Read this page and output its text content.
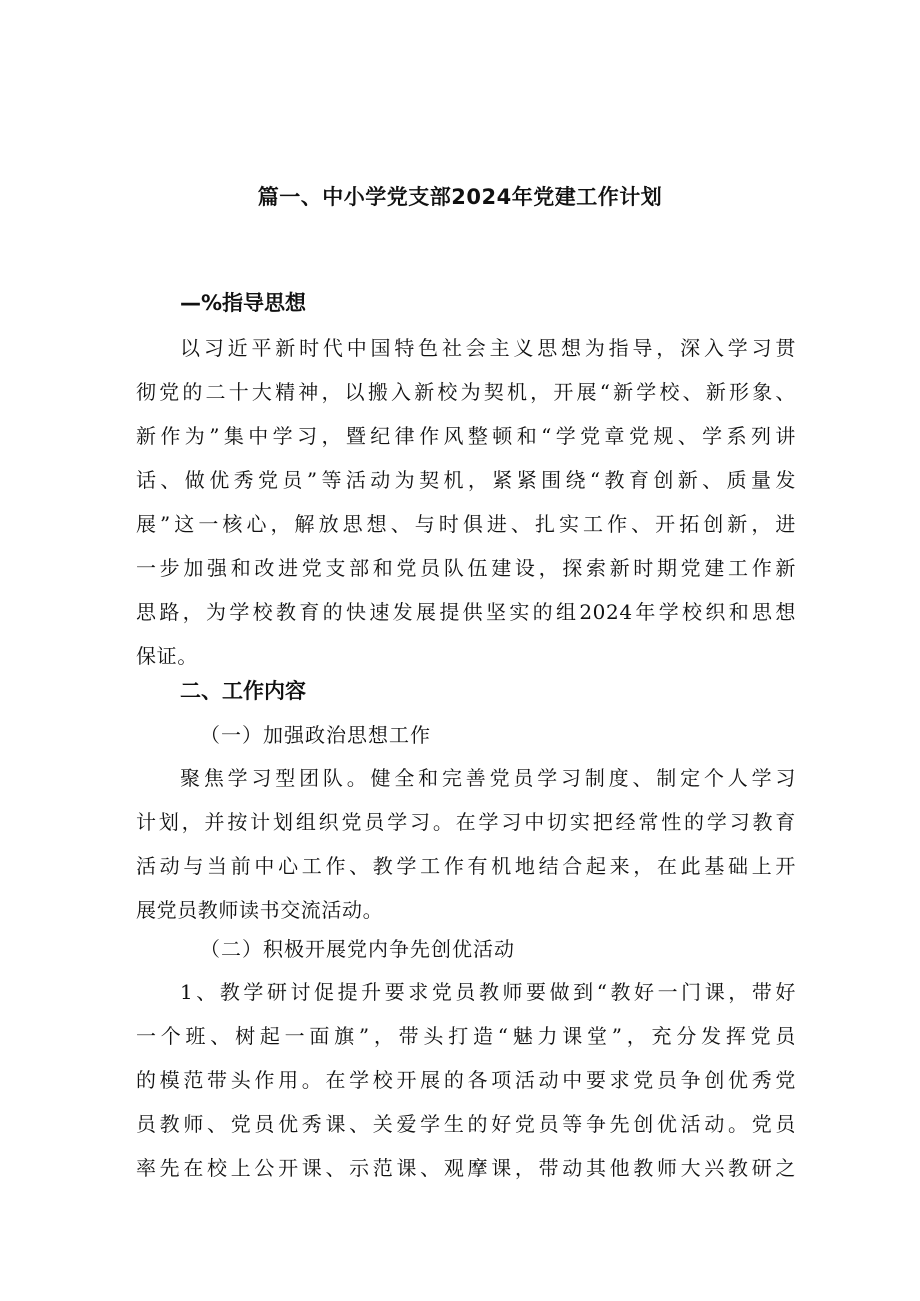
篇一、中小学党支部2024年党建工作计划
—%指导思想
以习近平新时代中国特色社会主义思想为指导，深入学习贯
彻党的二十大精神，以搬入新校为契机，开展“新学校、新形象、
新作为”集中学习，暨纪律作风整顿和“学党章党规、学系列讲
话、做优秀党员”等活动为契机，紧紧围绕“教育创新、质量发
展”这一核心，解放思想、与时俱进、扎实工作、开拓创新，进
一步加强和改进党支部和党员队伍建设，探索新时期党建工作新
思路，为学校教育的快速发展提供坚实的组2024年学校织和思想
保证。
二、工作内容
（一）加强政治思想工作
聚焦学习型团队。健全和完善党员学习制度、制定个人学习
计划，并按计划组织党员学习。在学习中切实把经常性的学习教育
活动与当前中心工作、教学工作有机地结合起来，在此基础上开
展党员教师读书交流活动。
（二）积极开展党内争先创优活动
1、教学研讨促提升要求党员教师要做到“教好一门课，带好
一个班、树起一面旗”，带头打造“魅力课堂”，充分发挥党员
的模范带头作用。在学校开展的各项活动中要求党员争创优秀党
员教师、党员优秀课、关爱学生的好党员等争先创优活动。党员
率先在校上公开课、示范课、观摩课，带动其他教师大兴教研之
